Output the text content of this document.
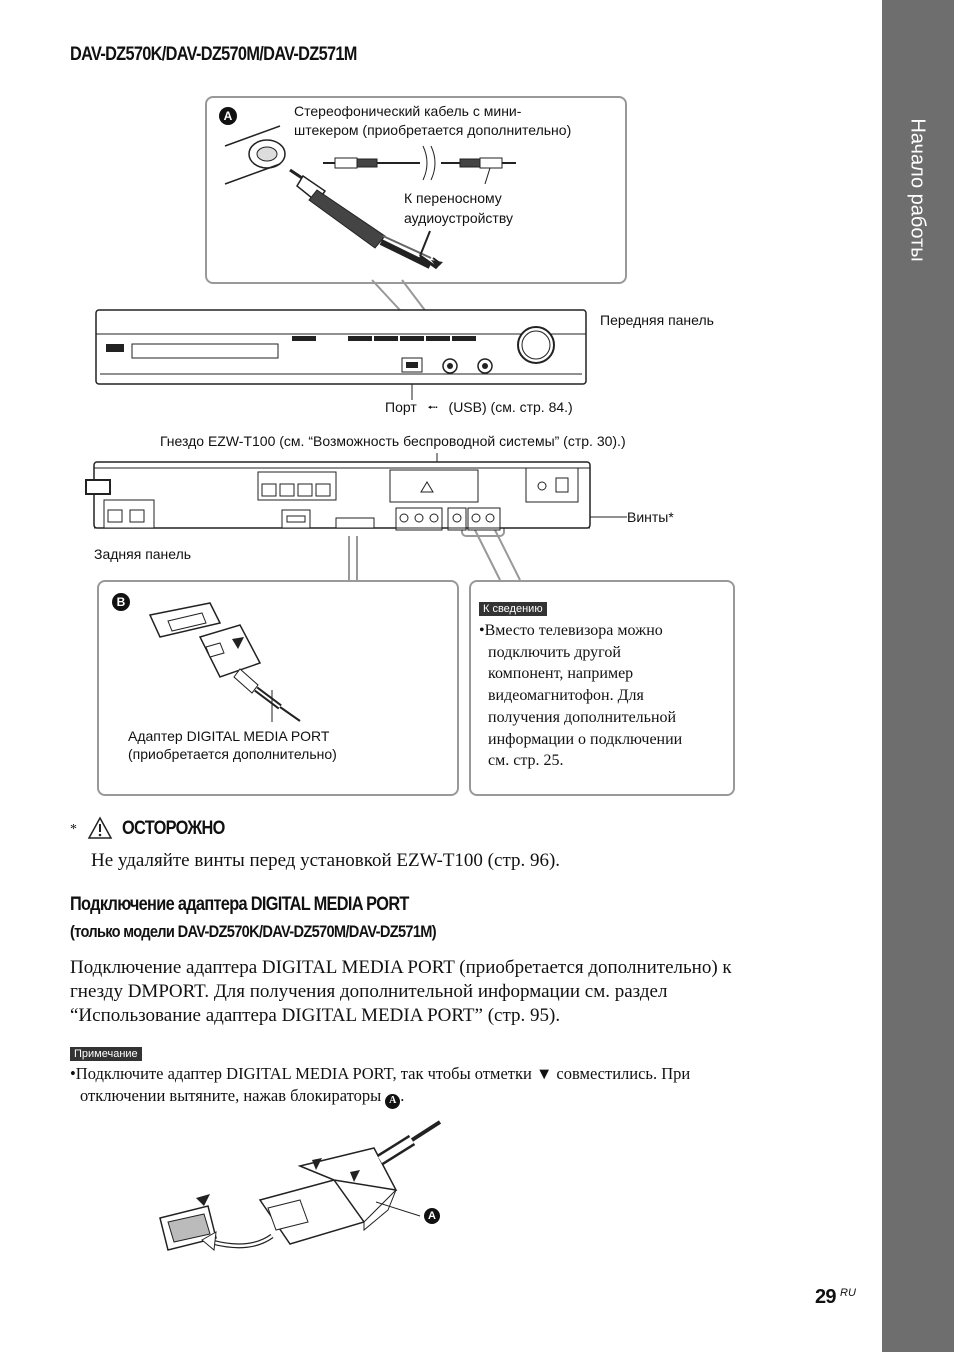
Начало работы
DAV-DZ570K/DAV-DZ570M/DAV-DZ571M
A	Стереофонический кабель с мини-
штекером (приобретается дополнительно)
К переносному
аудиоустройству
Передняя панель
Порт ⭪ (USB) (см. стр. 84.)
Гнездо EZW-T100 (см. “Возможность беспроводной системы” (стр. 30).)
Винты*
Задняя панель
B
Адаптер DIGITAL MEDIA PORT
(приобретается дополнительно)
К сведению
•Вместо телевизора можно
подключить другой
компонент, например
видеомагнитофон. Для
получения дополнительной
информации о подключении
см. стр. 25.
* ОСТОРОЖНО
Не удаляйте винты перед установкой EZW-T100 (стр. 96).
Подключение адаптера DIGITAL MEDIA PORT
(только модели DAV-DZ570K/DAV-DZ570M/DAV-DZ571M)
Подключение адаптера DIGITAL MEDIA PORT (приобретается дополнительно) к
гнезду DMPORT. Для получения дополнительной информации см. раздел
“Использование адаптера DIGITAL MEDIA PORT” (стр. 95).
Примечание
•Подключите адаптер DIGITAL MEDIA PORT, так чтобы отметки ▼ совместились. При
отключении вытяните, нажав блокираторы A .
A
29 RU
